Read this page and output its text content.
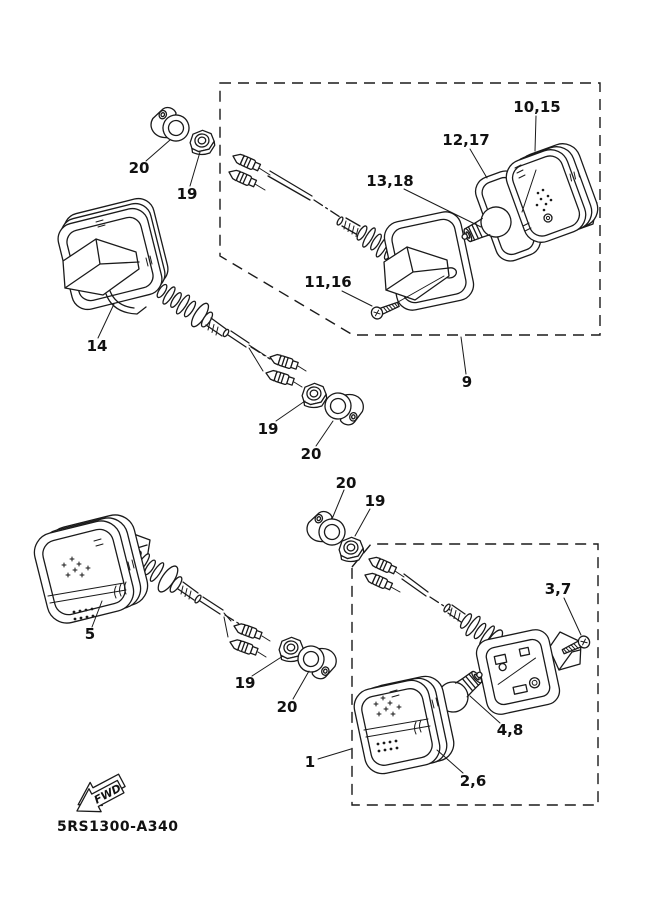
20
19
10,15
12,17
13,18
11,16
14
9
19
20
20
19
5
19
20
3,7
4,8
1
2,6
FWD
5RS1300-A340
